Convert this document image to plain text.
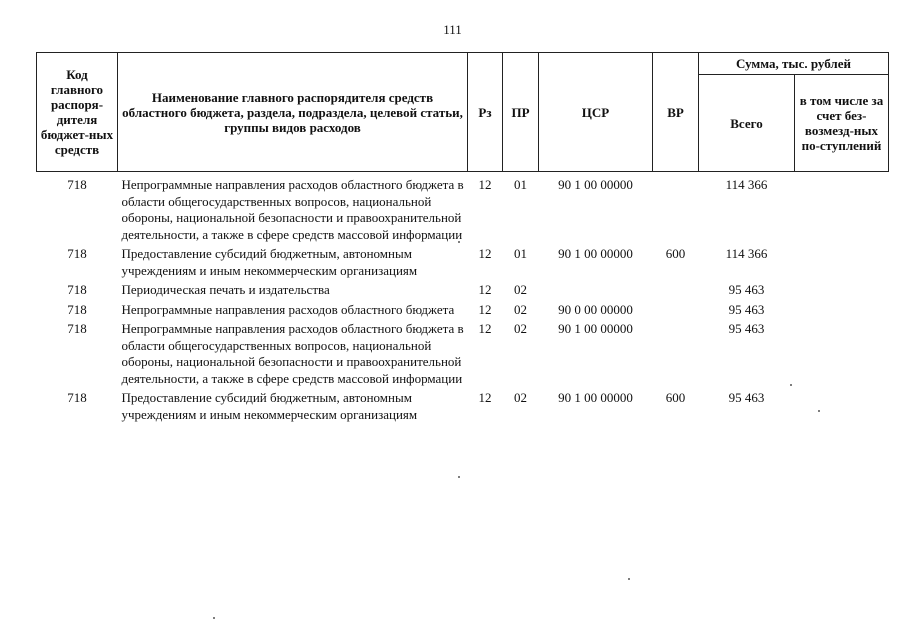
111
Код главного распоря-дителя бюджет-ных средств	Наименование главного распорядителя средств областного бюджета, раздела, подраздела, целевой статьи, группы видов расходов	Рз	ПР	ЦСР	ВР	Сумма, тыс. рублей	
						Всего	в том числе за счет без-возмезд-ных по-ступлений
718	Непрограммные направления расходов областного бюджета в области общегосударственных вопросов, национальной обороны, национальной безопасности и правоохранительной деятельности, а также в сфере средств массовой информации	12	01	90 1 00 00000		114 366	
718	Предоставление субсидий бюджетным, автономным учреждениям и иным некоммерческим организациям	12	01	90 1 00 00000	600	114 366	
718	Периодическая печать и издательства	12	02			95 463	
718	Непрограммные направления расходов областного бюджета	12	02	90 0 00 00000		95 463	
718	Непрограммные направления расходов областного бюджета в области общегосударственных вопросов, национальной обороны, национальной безопасности и правоохранительной деятельности, а также в сфере средств массовой информации	12	02	90 1 00 00000		95 463	
718	Предоставление субсидий бюджетным, автономным учреждениям и иным некоммерческим организациям	12	02	90 1 00 00000	600	95 463	
